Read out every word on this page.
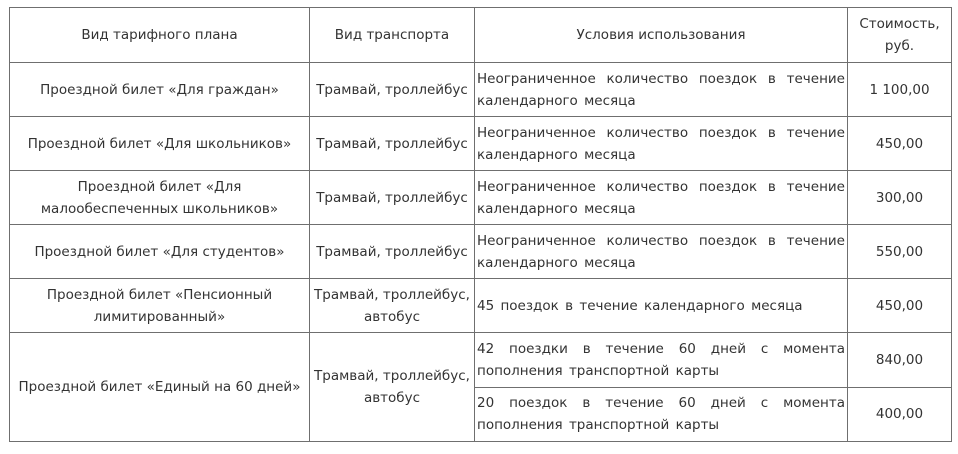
Вид тарифного плана	Вид транспорта	Условия использования	Стоимость, руб.
Проездной билет «Для граждан»	Трамвай, троллейбус	Неограниченное количество поездок в течение календарного месяца	1 100,00
Проездной билет «Для школьников»	Трамвай, троллейбус	Неограниченное количество поездок в течение календарного месяца	450,00
Проездной билет «Для малообеспеченных школьников»	Трамвай, троллейбус	Неограниченное количество поездок в течение календарного месяца	300,00
Проездной билет «Для студентов»	Трамвай, троллейбус	Неограниченное количество поездок в течение календарного месяца	550,00
Проездной билет «Пенсионный лимитированный»	Трамвай, троллейбус, автобус	45 поездок в течение календарного месяца	450,00
Проездной билет «Единый на 60 дней»	Трамвай, троллейбус, автобус	42 поездки в течение 60 дней с момента пополнения транспортной карты	840,00
		20 поездок в течение 60 дней с момента пополнения транспортной карты	400,00
